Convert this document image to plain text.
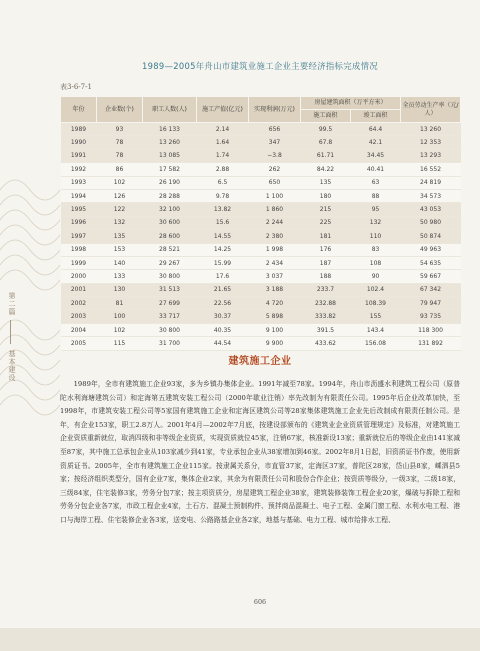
第二篇
基本建设
1989—2005年舟山市建筑业施工企业主要经济指标完成情况
表3-6-7-1
年份	企业数(个)	职工人数(人)	施工产值(亿元)	实现利润(万元)	房屋建筑面积（万平方米）		全员劳动生产率（元/人）
					施工面积	竣工面积	
1989	93	16 133	2.14	656	99.5	64.4	13 260
1990	78	13 260	1.64	347	67.8	42.1	12 353
1991	78	13 085	1.74	−3.8	61.71	34.45	13 293
1992	86	17 582	2.88	262	84.22	40.41	16 552
1993	102	26 190	6.5	650	135	63	24 819
1994	126	28 288	9.78	1 100	180	88	34 573
1995	122	32 100	13.82	1 860	215	95	43 053
1996	132	30 600	15.6	2 244	225	132	50 980
1997	135	28 600	14.55	2 380	181	110	50 874
1998	153	28 521	14.25	1 998	176	83	49 963
1999	140	29 267	15.99	2 434	187	108	54 635
2000	133	30 800	17.6	3 037	188	90	59 667
2001	130	31 513	21.65	3 188	233.7	102.4	67 342
2002	81	27 699	22.56	4 720	232.88	108.39	79 947
2003	100	33 717	30.37	5 898	333.82	155	93 735
2004	102	30 800	40.35	9 100	391.5	143.4	118 300
2005	115	31 700	44.54	9 900	433.62	156.08	131 892
建筑施工企业

1989年，全市有建筑施工企业93家，多为乡镇办集体企业。1991年减至78家。1994年，舟山市沥盛水利建筑工程公司（原普陀水利海塘建筑公司）和定海第五建筑安装工程公司（2000年歇业注销）率先改制为有限责任公司。1995年后企业改革加快，至1998年，市建筑安装工程公司等5家国有建筑施工企业和定海区建筑公司等28家集体建筑施工企业先后改制成有限责任制公司。是年，有企业153家，职工2.8万人。2001年4月—2002年7月底，按建设部颁布的《建筑业企业资质管理规定》及标准，对建筑施工企业资质重新就位，取消四级和非等级企业资质，实现资质就位45家，注销67家，核准新设13家；重新就位后的等级企业由141家减至87家，其中施工总承包企业从103家减少到41家，专业承包企业从38家增加到46家。2002年8月1日起，旧资质证书作废，使用新资质证书。2005年，全市有建筑施工企业115家。按隶属关系分，市直管37家，定海区37家，普陀区28家，岱山县8家，嵊泗县5家；按经济组织类型分，国有企业7家，集体企业2家，其余为有限责任公司和股份合作企业；按资质等级分，一级3家，二级18家，三级84家，住宅装修3家，劳务分包7家；按主项资质分，房屋建筑工程企业38家，建筑装修装饰工程企业20家，爆破与拆除工程和劳务分包企业各7家，市政工程企业4家，土石方、混凝土预制构件、预拌商品混凝土、电子工程、金属门窗工程、水利水电工程、港口与海岸工程、住宅装修企业各3家，送变电、公路路基企业各2家，地基与基础、电力工程、城市给排水工程、

606
